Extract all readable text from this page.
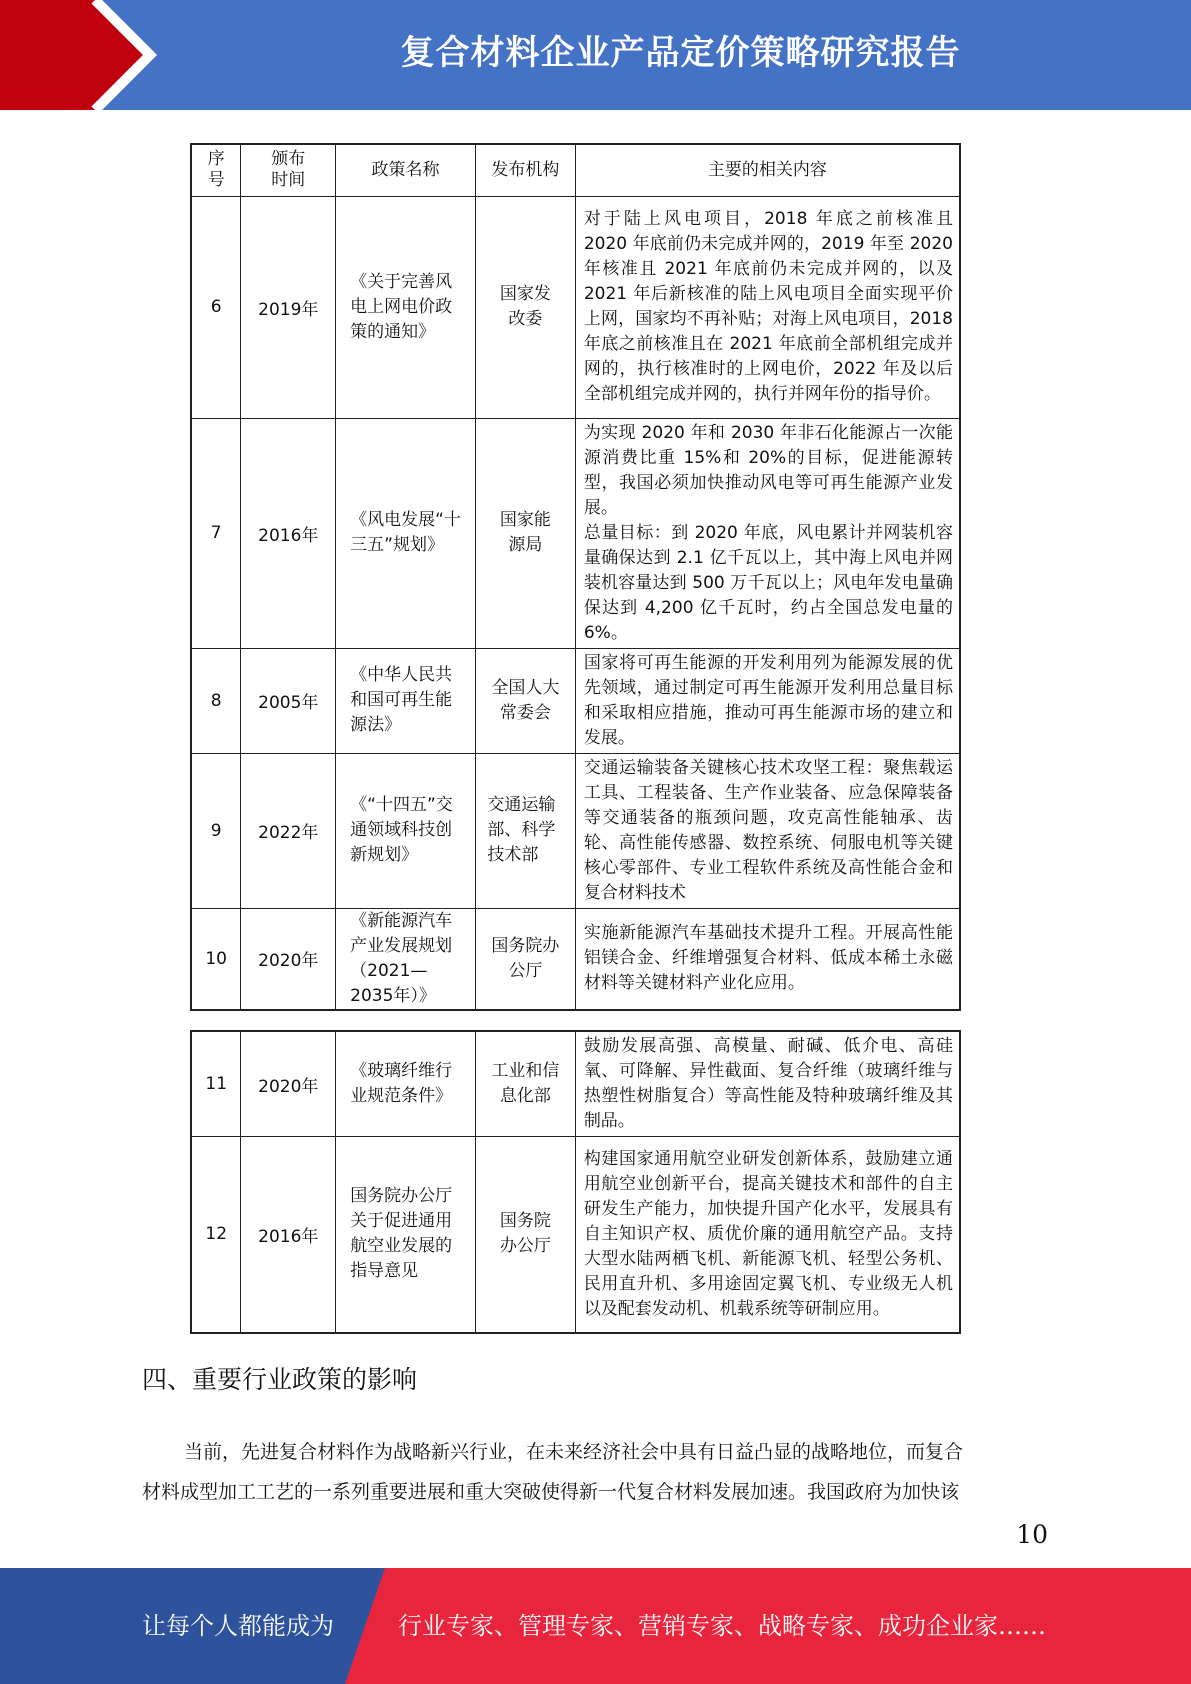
复合材料企业产品定价策略研究报告
序号	颁布时间	政策名称	发布机构	主要的相关内容
6	2019年	《关于完善风电上网电价政策的通知》	国家发改委	对于陆上风电项目，2018 年底之前核准且 2020 年底前仍未完成并网的，2019 年至 2020 年核准且 2021 年底前仍未完成并网的，以及 2021 年后新核准的陆上风电项目全面实现平价上网，国家均不再补贴；对海上风电项目，2018 年底之前核准且在 2021 年底前全部机组完成并网的，执行核准时的上网电价，2022 年及以后全部机组完成并网的，执行并网年份的指导价。
7	2016年	《风电发展“十三五”规划》	国家能源局	为实现 2020 年和 2030 年非石化能源占一次能源消费比重 15%和 20%的目标，促进能源转型，我国必须加快推动风电等可再生能源产业发展。
总量目标：到 2020 年底，风电累计并网装机容量确保达到 2.1 亿千瓦以上，其中海上风电并网装机容量达到 500 万千瓦以上；风电年发电量确保达到 4,200 亿千瓦时，约占全国总发电量的 6%。

8	2005年	《中华人民共和国可再生能源法》	全国人大常委会	国家将可再生能源的开发利用列为能源发展的优先领域，通过制定可再生能源开发利用总量目标和采取相应措施，推动可再生能源市场的建立和发展。
9	2022年	《“十四五”交通领域科技创新规划》	交通运输部、科学技术部	交通运输装备关键核心技术攻坚工程：聚焦载运工具、工程装备、生产作业装备、应急保障装备等交通装备的瓶颈问题，攻克高性能轴承、齿轮、高性能传感器、数控系统、伺服电机等关键核心零部件、专业工程软件系统及高性能合金和复合材料技术
10	2020年	《新能源汽车产业发展规划（2021—2035年）》	国务院办公厅	实施新能源汽车基础技术提升工程。开展高性能铝镁合金、纤维增强复合材料、低成本稀土永磁材料等关键材料产业化应用。
11	2020年	《玻璃纤维行业规范条件》	工业和信息化部	鼓励发展高强、高模量、耐碱、低介电、高硅氧、可降解、异性截面、复合纤维（玻璃纤维与热塑性树脂复合）等高性能及特种玻璃纤维及其制品。
12	2016年	国务院办公厅关于促进通用航空业发展的指导意见	国务院办公厅	构建国家通用航空业研发创新体系，鼓励建立通用航空业创新平台，提高关键技术和部件的自主研发生产能力，加快提升国产化水平，发展具有自主知识产权、质优价廉的通用航空产品。支持大型水陆两栖飞机、新能源飞机、轻型公务机、民用直升机、多用途固定翼飞机、专业级无人机以及配套发动机、机载系统等研制应用。
四、重要行业政策的影响
当前，先进复合材料作为战略新兴行业，在未来经济社会中具有日益凸显的战略地位，而复合
材料成型加工工艺的一系列重要进展和重大突破使得新一代复合材料发展加速。我国政府为加快该
10
让每个人都能成为	行业专家、管理专家、营销专家、战略专家、成功企业家……
